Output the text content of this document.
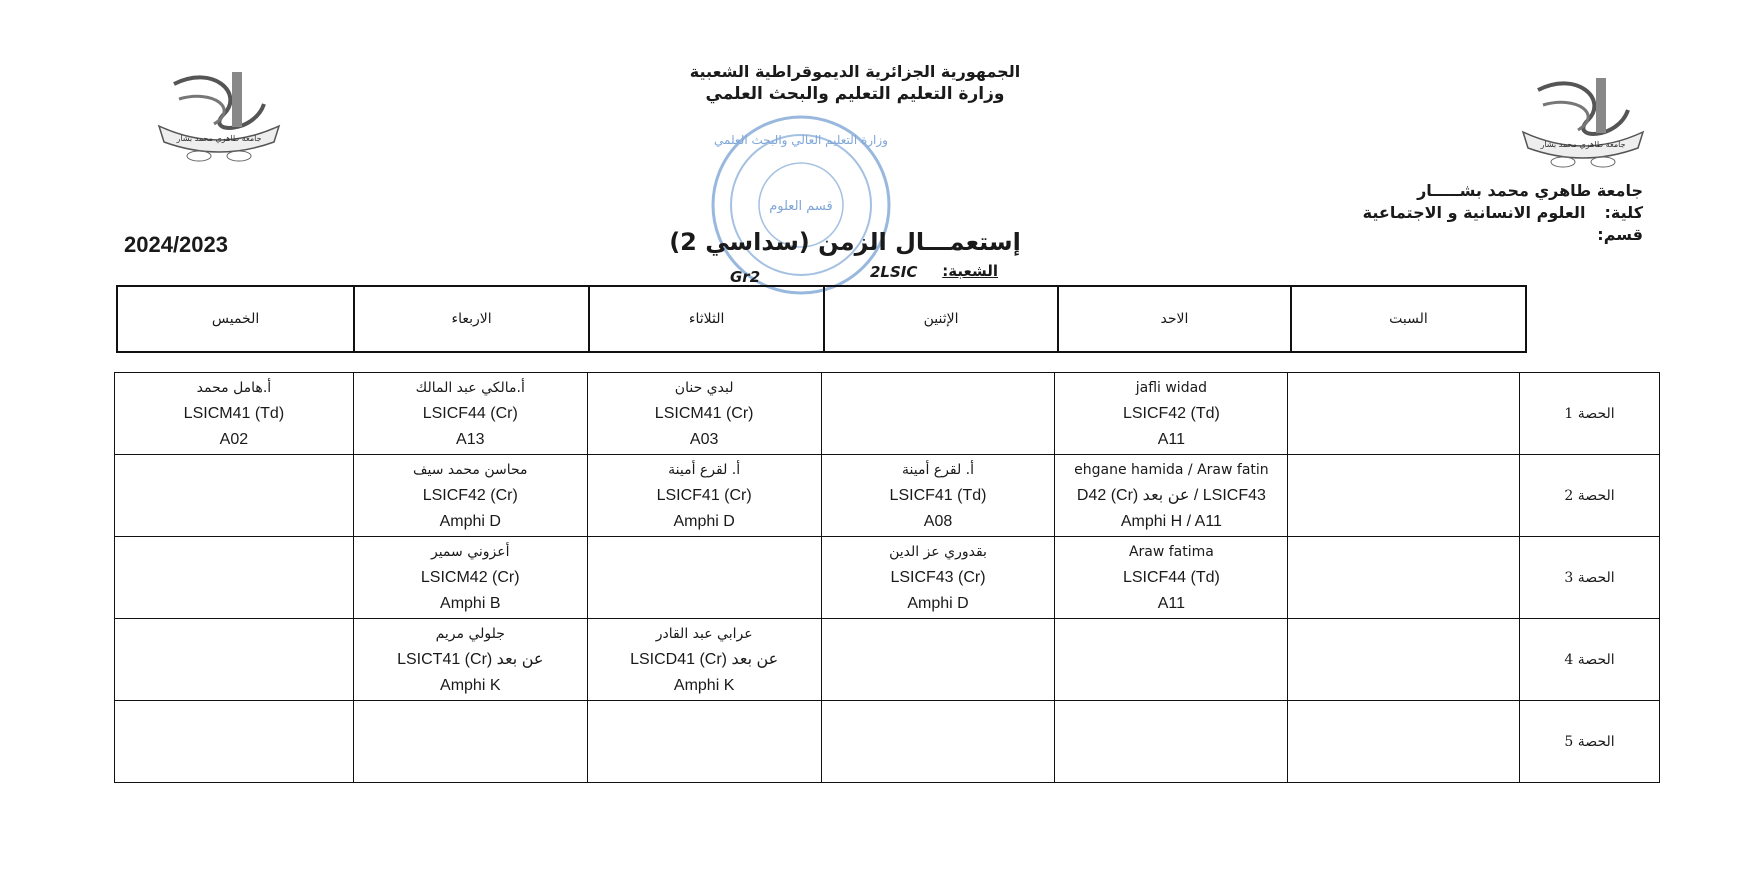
جامعة طاهري محمد بشار
جامعة طاهري محمد بشار
وزارة التعليم العالي والبحث العلمي
قسم العلوم
الجمهورية الجزائرية الديموقراطية الشعبية
وزارة التعليم التعليم والبحث العلمي
جامعة طاهري محمد بشـــــار
كلية: العلوم الانسانية و الاجتماعية
قسم:
2024/2023	إستعمـــال الزمن (سداسي 2)
الشعبة:
2LSIC
Gr2
الخميس	الاربعاء	الثلاثاء	الإثنين	الاحد	السبت
أ.هامل محمد
LSICM41 (Td)
A02	أ.مالكي عبد المالك
LSICF44 (Cr)
A13	لبدي حنان
LSICM41 (Cr)
A03		jafli widad
LSICF42 (Td)
A11		الحصة 1

	محاسن محمد سيف
LSICF42 (Cr)
Amphi D	أ. لقرع أمينة
LSICF41 (Cr)
Amphi D	أ. لقرع أمينة
LSICF41 (Td)
A08	ehgane hamida / Araw fatin
D42 (Cr) عن بعد / LSICF43
Amphi H / A11		الحصة 2

	أعزوني سمير
LSICM42 (Cr)
Amphi B		بقدوري عز الدين
LSICF43 (Cr)
Amphi D	Araw fatima
LSICF44 (Td)
A11		الحصة 3

	جلولي مريم
LSICT41 (Cr) عن بعد
Amphi K	عرابي عبد القادر
LSICD41 (Cr) عن بعد
Amphi K				الحصة 4
						الحصة 5
